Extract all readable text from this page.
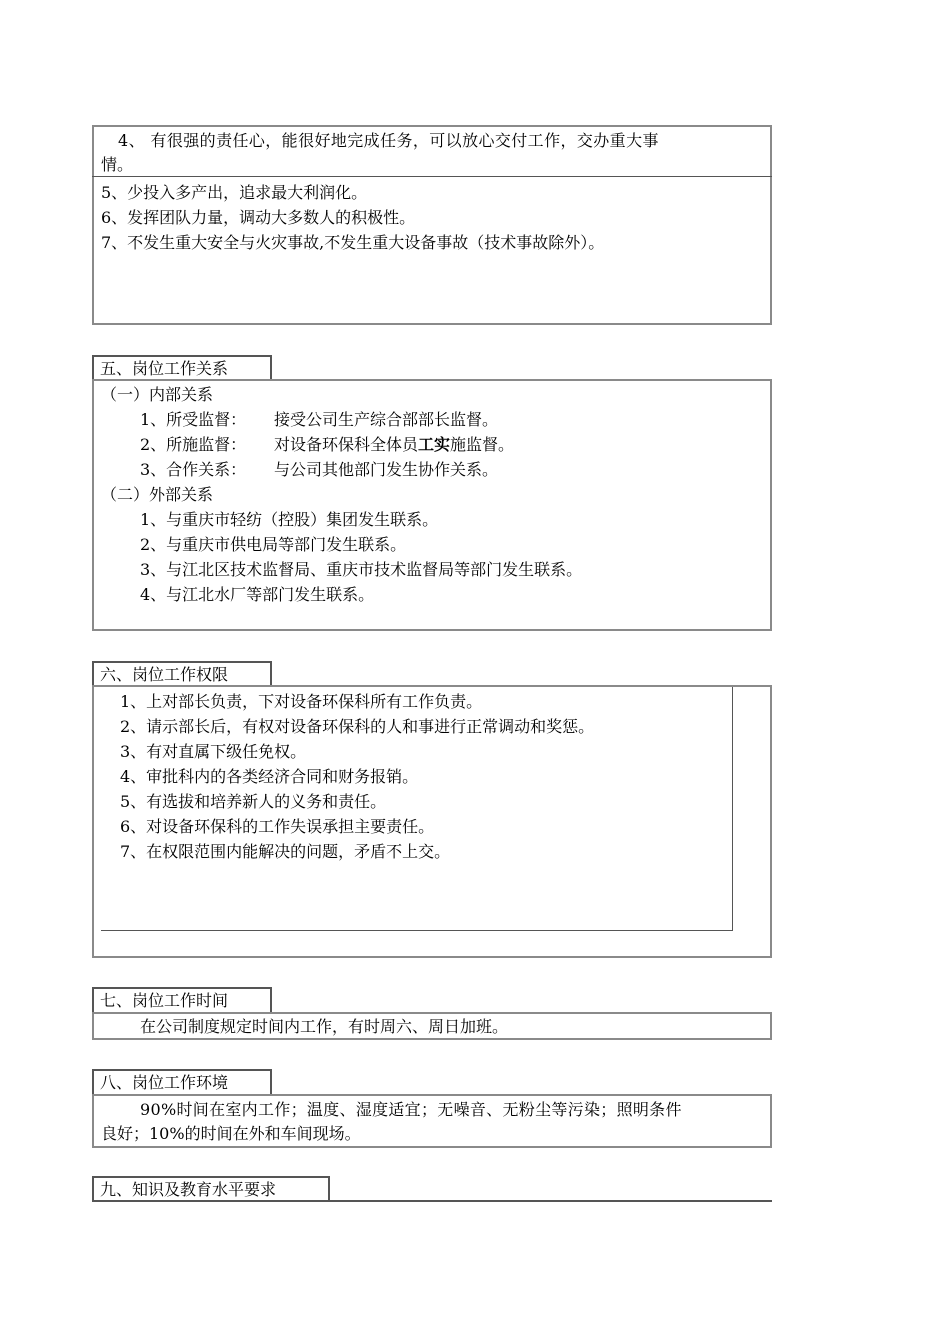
4、 有很强的责任心，能很好地完成任务，可以放心交付工作，交办重大事
情。
5、少投入多产出，追求最大利润化。
6、发挥团队力量，调动大多数人的积极性。
7、不发生重大安全与火灾事故,不发生重大设备事故（技术事故除外）。
五、岗位工作关系
（一）内部关系
1、所受监督： 接受公司生产综合部部长监督。
2、所施监督： 对设备环保科全体员工实施监督。
3、合作关系： 与公司其他部门发生协作关系。
（二）外部关系
1、与重庆市轻纺（控股）集团发生联系。
2、与重庆市供电局等部门发生联系。
3、与江北区技术监督局、重庆市技术监督局等部门发生联系。
4、与江北水厂等部门发生联系。
六、岗位工作权限
1、上对部长负责，下对设备环保科所有工作负责。
2、请示部长后，有权对设备环保科的人和事进行正常调动和奖惩。
3、有对直属下级任免权。
4、审批科内的各类经济合同和财务报销。
5、有选拔和培养新人的义务和责任。
6、对设备环保科的工作失误承担主要责任。
7、在权限范围内能解决的问题，矛盾不上交。
七、岗位工作时间
在公司制度规定时间内工作，有时周六、周日加班。
八、岗位工作环境
90%时间在室内工作；温度、湿度适宜；无噪音、无粉尘等污染；照明条件
良好；10%的时间在外和车间现场。
九、知识及教育水平要求
